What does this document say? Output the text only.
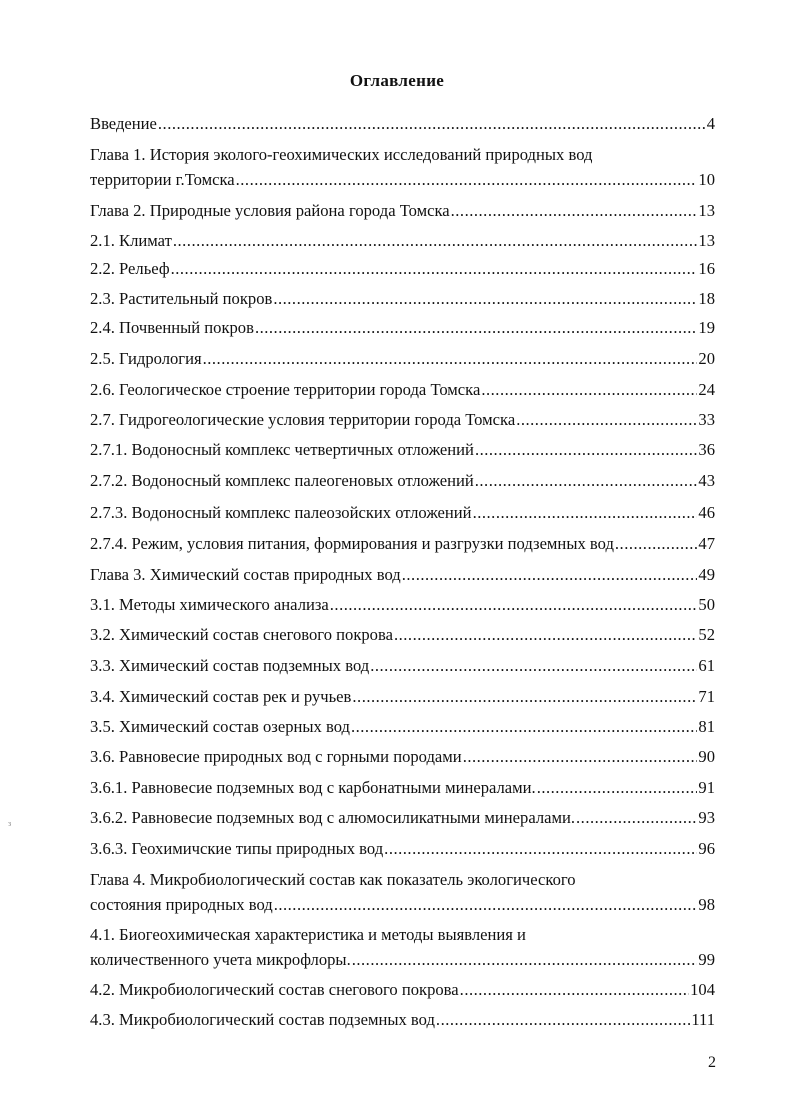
Оглавление
Введение .....	4
Глава 1. История эколого-геохимических исследований природных вод
территории г.Томска .....	10
Глава 2. Природные условия района города Томска .....	13
2.1. Климат .....	13
2.2. Рельеф .....	16
2.3. Растительный покров .....	18
2.4. Почвенный покров .....	19
2.5. Гидрология .....	20
2.6. Геологическое строение территории города Томска .....	24
2.7. Гидрогеологические условия территории города Томска .....	33
2.7.1. Водоносный комплекс четвертичных отложений .....	36
2.7.2. Водоносный комплекс палеогеновых отложений .....	43
2.7.3. Водоносный комплекс палеозойских отложений .....	46
2.7.4. Режим, условия питания, формирования и разгрузки подземных вод .....	47
Глава 3. Химический состав природных вод .....	49
3.1. Методы химического анализа .....	50
3.2. Химический состав снегового покрова .....	52
3.3. Химический состав подземных вод .....	61
3.4. Химический состав рек и ручьев .....	71
3.5. Химический состав озерных вод .....	81
3.6. Равновесие природных вод с горными породами .....	90
3.6.1. Равновесие подземных вод с карбонатными минералами. .....	91
3.6.2. Равновесие подземных вод с алюмосиликатными минералами. .....	93
3.6.3. Геохимичские типы природных вод .....	96
Глава 4. Микробиологический состав как показатель экологического
состояния природных вод .....	98
4.1. Биогеохимическая характеристика и методы выявления и
количественного учета микрофлоры. .....	99
4.2. Микробиологический состав снегового покрова .....	104
4.3. Микробиологический состав подземных вод .....	111
з
2
